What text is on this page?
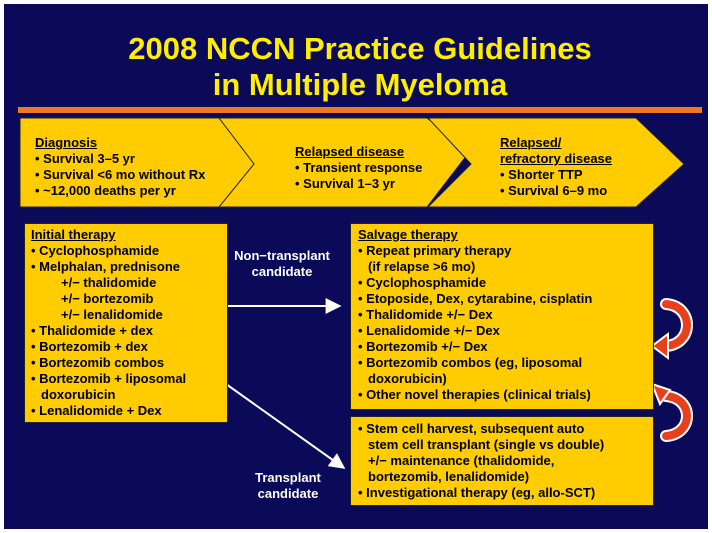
2008 NCCN Practice Guidelines
in Multiple Myeloma
Diagnosis
• Survival 3–5 yr
• Survival <6 mo without Rx
• ~12,000 deaths per yr
Relapsed disease
• Transient response
• Survival 1–3 yr
Relapsed/
refractory disease
• Shorter TTP
• Survival 6–9 mo
Initial therapy
• Cyclophosphamide
• Melphalan, prednisone
+/− thalidomide
+/− bortezomib
+/− lenalidomide
• Thalidomide + dex
• Bortezomib + dex
• Bortezomib combos
• Bortezomib + liposomal
doxorubicin
• Lenalidomide + Dex
Salvage therapy
• Repeat primary therapy
(if relapse >6 mo)
• Cyclophosphamide
• Etoposide, Dex, cytarabine, cisplatin
• Thalidomide +/− Dex
• Lenalidomide +/− Dex
• Bortezomib +/− Dex
• Bortezomib combos (eg, liposomal
doxorubicin)
• Other novel therapies (clinical trials)
• Stem cell harvest, subsequent auto
stem cell transplant (single vs double)
+/− maintenance (thalidomide,
bortezomib, lenalidomide)
• Investigational therapy (eg, allo-SCT)
Non−transplant
candidate
Transplant
candidate
